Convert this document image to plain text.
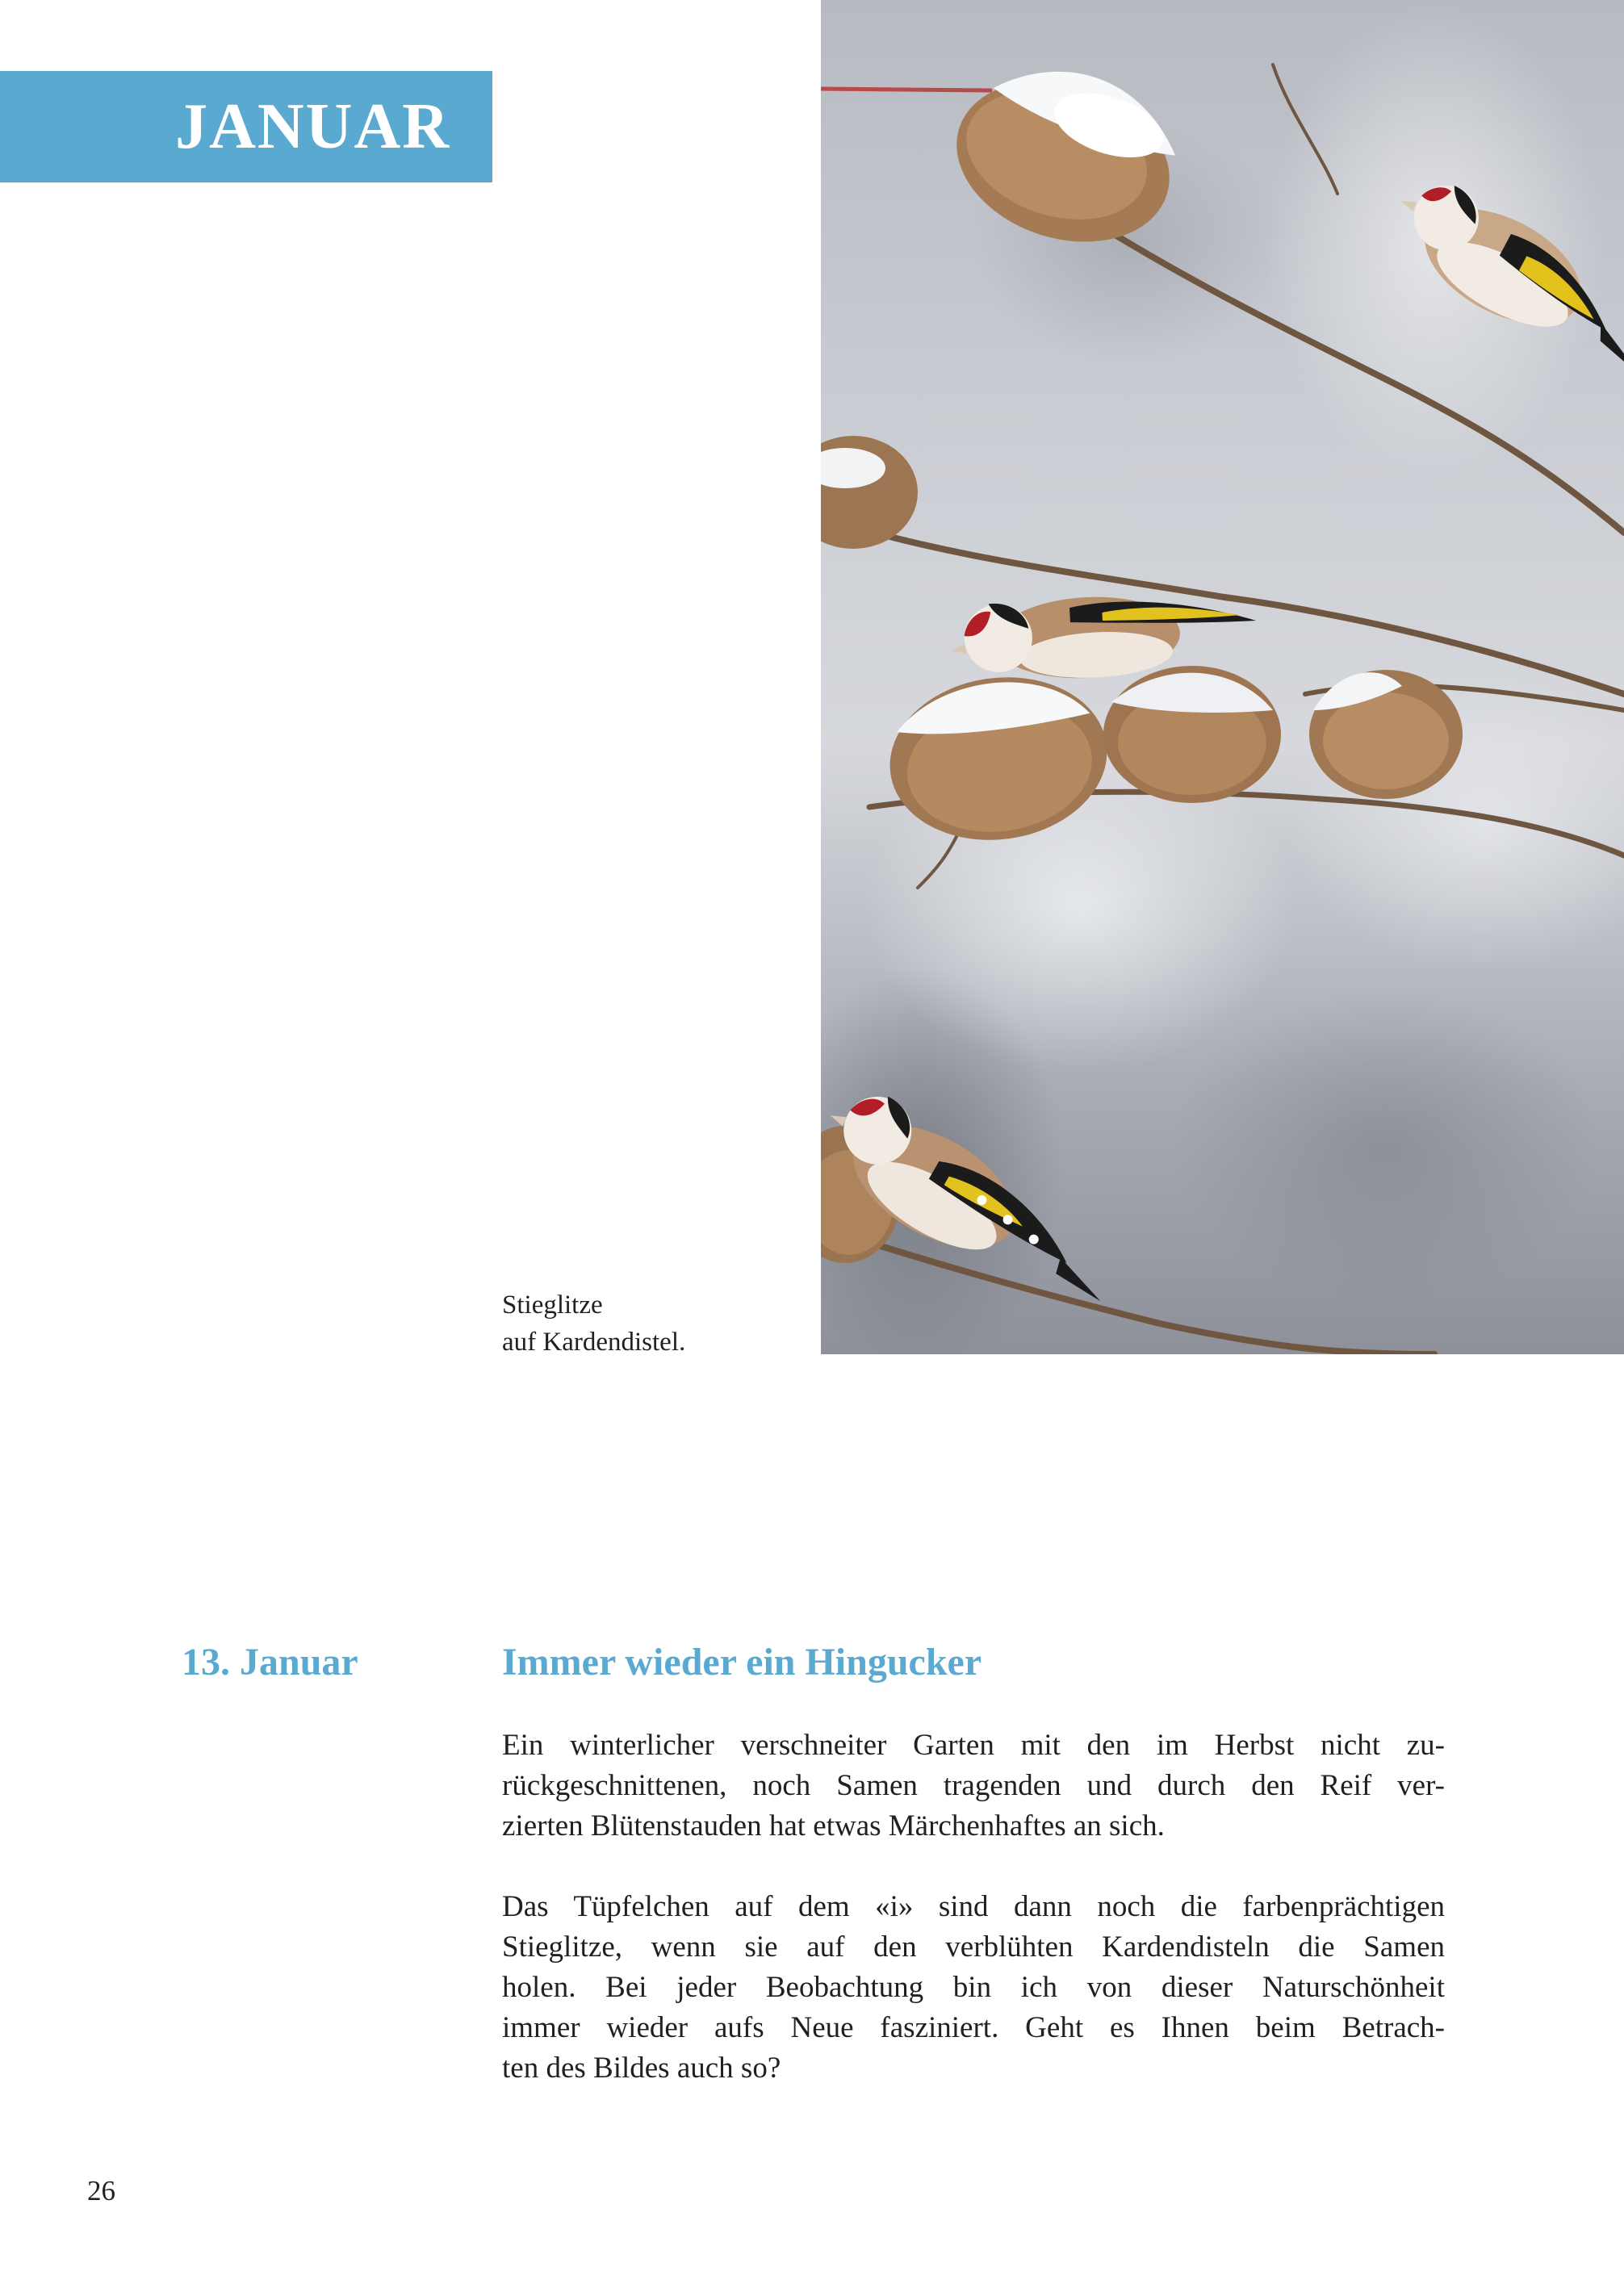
JANUAR
Stieglitze
auf Kardendistel.
13. Januar	Immer wieder ein Hingucker
Ein winterlicher verschneiter Garten mit den im Herbst nicht zu-
rückgeschnittenen, noch Samen tragenden und durch den Reif ver-
zierten Blütenstauden hat etwas Märchenhaftes an sich.
Das Tüpfelchen auf dem «i» sind dann noch die farbenprächtigen
Stieglitze, wenn sie auf den verblühten Kardendisteln die Samen
holen. Bei jeder Beobachtung bin ich von dieser Naturschönheit
immer wieder aufs Neue fasziniert. Geht es Ihnen beim Betrach-
ten des Bildes auch so?
26
